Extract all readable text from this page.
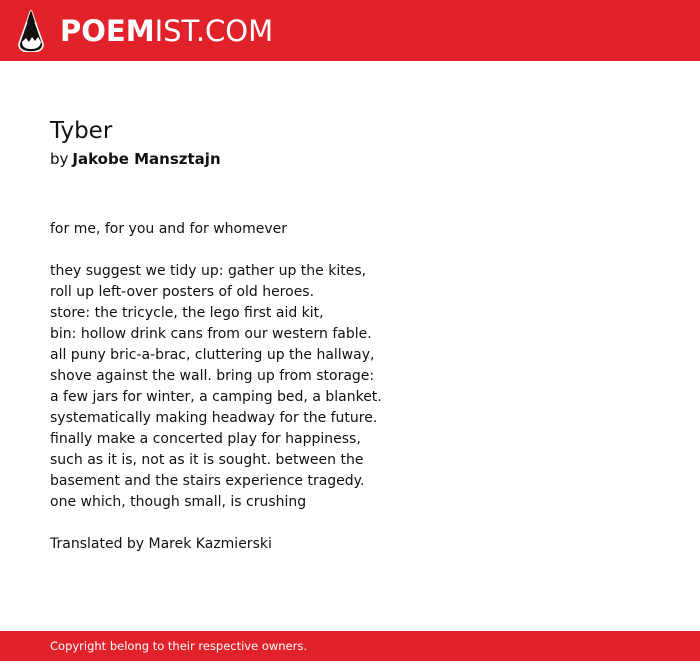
POEMIST.COM
Tyber
by Jakobe Mansztajn
for me, for you and for whomever
they suggest we tidy up: gather up the kites,
roll up left-over posters of old heroes.
store: the tricycle, the lego first aid kit,
bin: hollow drink cans from our western fable.
all puny bric-a-brac, cluttering up the hallway,
shove against the wall. bring up from storage:
a few jars for winter, a camping bed, a blanket.
systematically making headway for the future.
finally make a concerted play for happiness,
such as it is, not as it is sought. between the
basement and the stairs experience tragedy.
one which, though small, is crushing
Translated by Marek Kazmierski
Copyright belong to their respective owners.
